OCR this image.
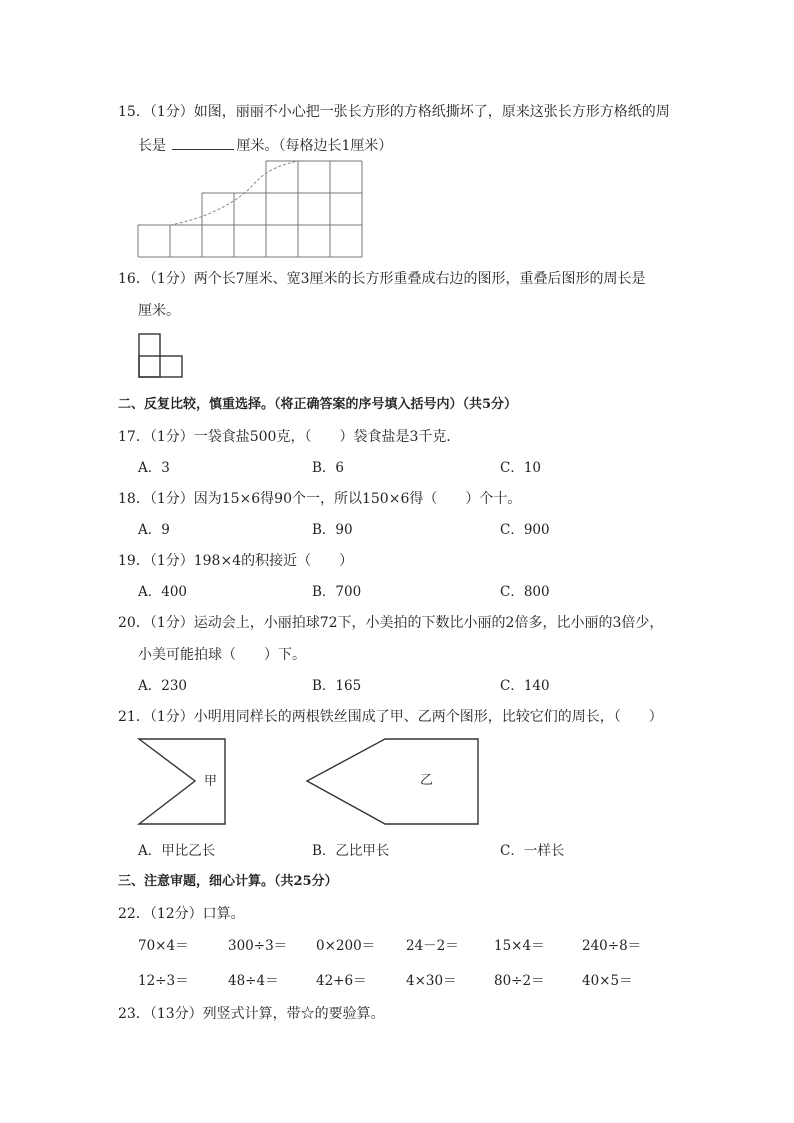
15．（1分）如图，丽丽不小心把一张长方形的方格纸撕坏了，原来这张长方形方格纸的周
长是	厘米。（每格边长1厘米）
16．（1分）两个长7厘米、宽3厘米的长方形重叠成右边的图形，重叠后图形的周长是
厘米。
二、反复比较，慎重选择。（将正确答案的序号填入括号内）（共5分）
17．（1分）一袋食盐500克，（　　）袋食盐是3千克．
A．3	B．6	C．10
18．（1分）因为15×6得90个一，所以150×6得（　　）个十。
A．9	B．90	C．900
19．（1分）198×4的积接近（　　）
A．400	B．700	C．800
20．（1分）运动会上，小丽拍球72下，小美拍的下数比小丽的2倍多，比小丽的3倍少，
小美可能拍球（　　）下。
A．230	B．165	C．140
21．（1分）小明用同样长的两根铁丝围成了甲、乙两个图形，比较它们的周长，（　　）
甲	乙
A．甲比乙长	B．乙比甲长	C．一样长
三、注意审题，细心计算。（共25分）
22．（12分）口算。
70×4＝	300÷3＝ 0×200＝ 24－2＝	15×4＝	240÷8＝
12÷3＝	48÷4＝	42+6＝	4×30＝	80÷2＝	40×5＝
23．（13分）列竖式计算，带☆的要验算。
